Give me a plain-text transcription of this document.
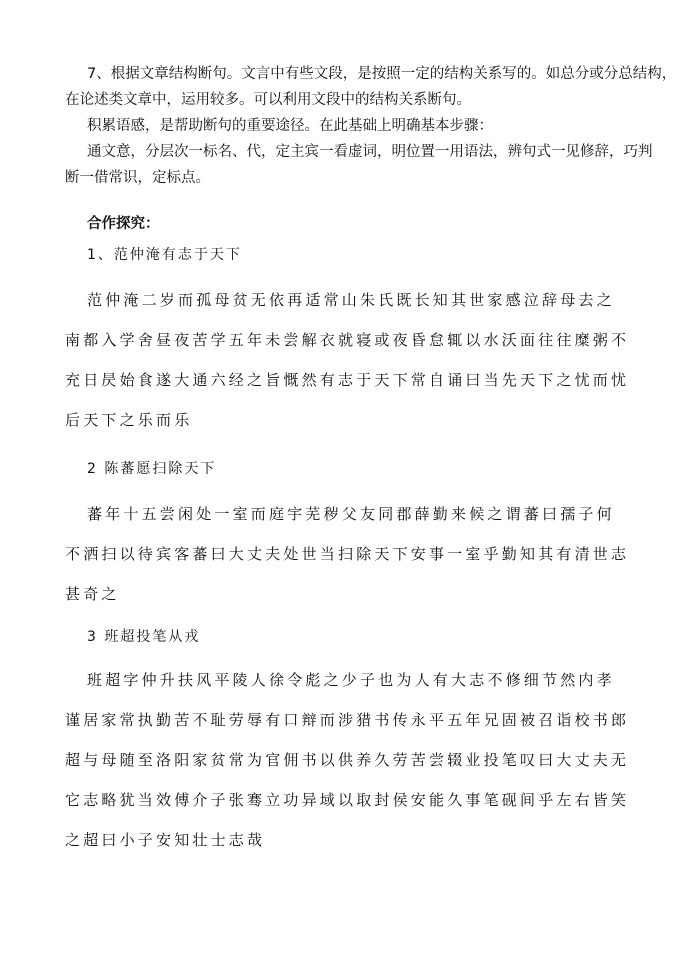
7、根据文章结构断句。文言中有些文段，是按照一定的结构关系写的。如总分或分总结构，

在论述类文章中，运用较多。可以利用文段中的结构关系断句。

积累语感，是帮助断句的重要途径。在此基础上明确基本步骤：

通文意，分层次一标名、代，定主宾一看虚词，明位置一用语法，辨句式一见修辞，巧判

断一借常识，定标点。

合作探究：
1、范仲淹有志于天下

范仲淹二岁而孤母贫无依再适常山朱氏既长知其世家感泣辞母去之

南都入学舍昼夜苦学五年未尝解衣就寝或夜昏怠辄以水沃面往往糜粥不

充日昃始食遂大通六经之旨慨然有志于天下常自诵曰当先天下之忧而忧

后天下之乐而乐

2 陈蕃愿扫除天下

蕃年十五尝闲处一室而庭宇芜秽父友同郡薛勤来候之谓蕃曰孺子何

不洒扫以待宾客蕃曰大丈夫处世当扫除天下安事一室乎勤知其有清世志

甚奇之

3 班超投笔从戎

班超字仲升扶风平陵人徐令彪之少子也为人有大志不修细节然内孝

谨居家常执勤苦不耻劳辱有口辩而涉猎书传永平五年兄固被召诣校书郎

超与母随至洛阳家贫常为官佣书以供养久劳苦尝辍业投笔叹曰大丈夫无

它志略犹当效傅介子张骞立功异域以取封侯安能久事笔砚间乎左右皆笑

之超曰小子安知壮士志哉
